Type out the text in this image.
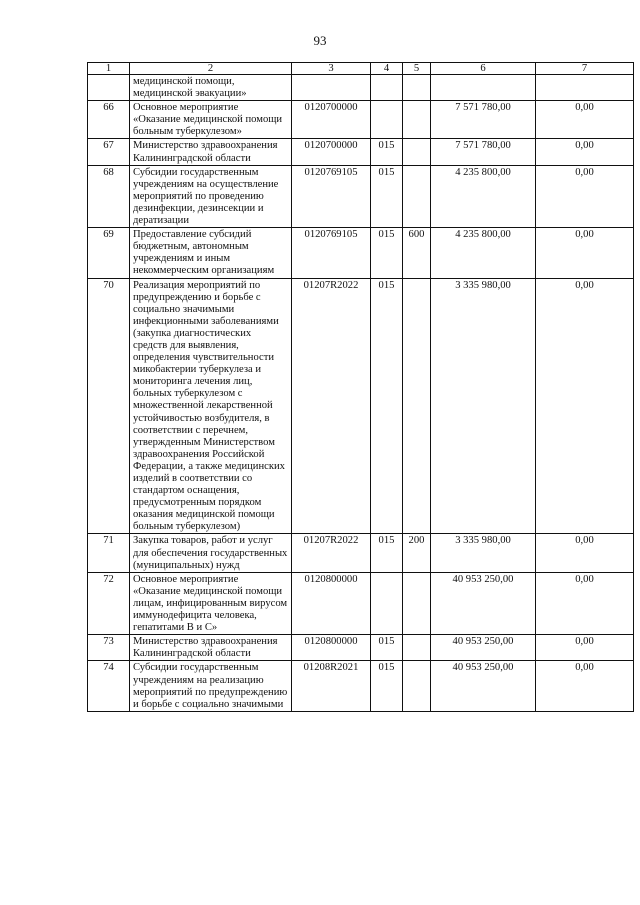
93
1	2	3	4	5	6	7
	медицинской помощи, медицинской эвакуации»					
66	Основное мероприятие «Оказание медицинской помощи больным туберкулезом»	0120700000			7 571 780,00	0,00
67	Министерство здравоохранения Калининградской области	0120700000	015		7 571 780,00	0,00
68	Субсидии государственным учреждениям на осуществление мероприятий по проведению дезинфекции, дезинсекции и дератизации	0120769105	015		4 235 800,00	0,00
69	Предоставление субсидий бюджетным, автономным учреждениям и иным некоммерческим организациям	0120769105	015	600	4 235 800,00	0,00
70	Реализация мероприятий по предупреждению и борьбе с социально значимыми инфекционными заболеваниями (закупка диагностических средств для выявления, определения чувствительности микобактерии туберкулеза и мониторинга лечения лиц, больных туберкулезом с множественной лекарственной устойчивостью возбудителя, в соответствии с перечнем, утвержденным Министерством здравоохранения Российской Федерации, а также медицинских изделий в соответствии со стандартом оснащения, предусмотренным порядком оказания медицинской помощи больным туберкулезом)	01207R2022	015		3 335 980,00	0,00
71	Закупка товаров, работ и услуг для обеспечения государственных (муниципальных) нужд	01207R2022	015	200	3 335 980,00	0,00
72	Основное мероприятие «Оказание медицинской помощи лицам, инфицированным вирусом иммунодефицита человека, гепатитами В и С»	0120800000			40 953 250,00	0,00
73	Министерство здравоохранения Калининградской области	0120800000	015		40 953 250,00	0,00
74	Субсидии государственным учреждениям на реализацию мероприятий по предупреждению и борьбе с социально значимыми	01208R2021	015		40 953 250,00	0,00
